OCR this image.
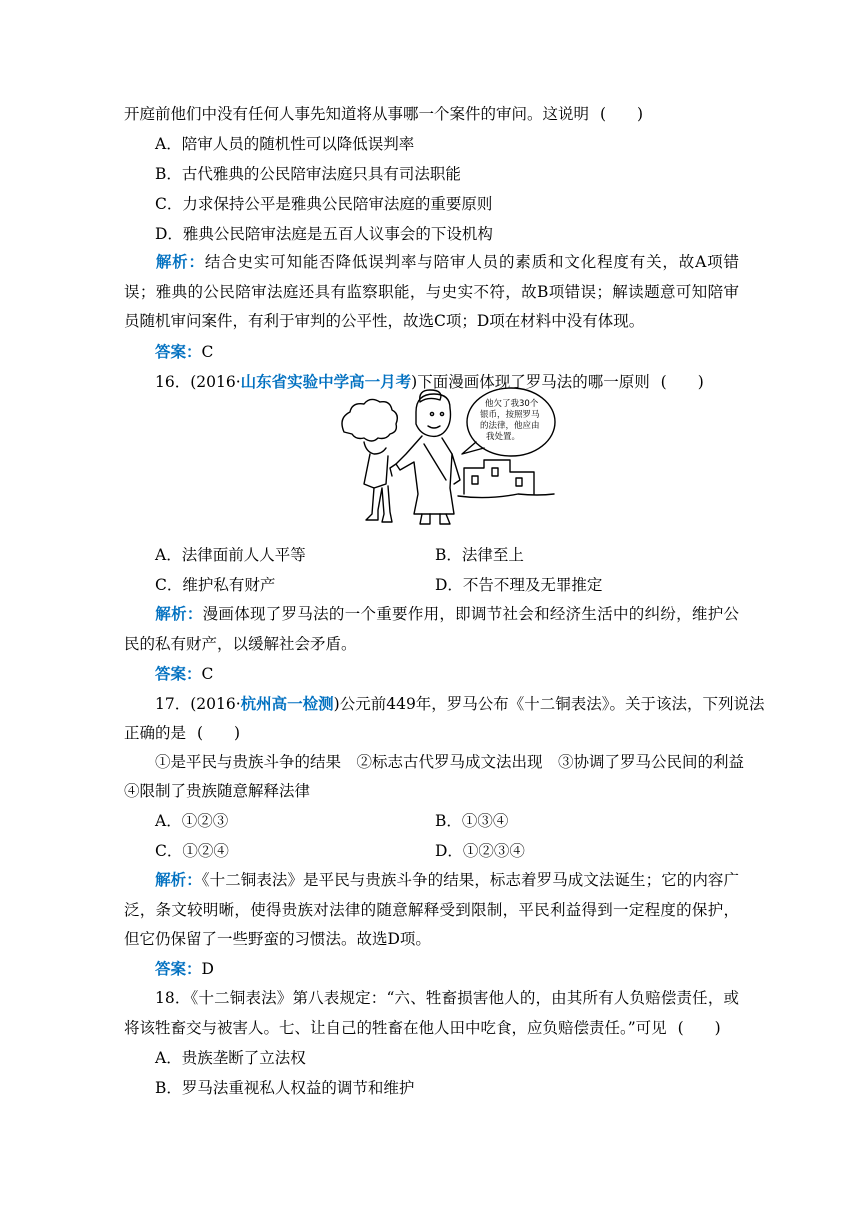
开庭前他们中没有任何人事先知道将从事哪一个案件的审问。这说明 (　　)
A．陪审人员的随机性可以降低误判率
B．古代雅典的公民陪审法庭只具有司法职能
C．力求保持公平是雅典公民陪审法庭的重要原则
D．雅典公民陪审法庭是五百人议事会的下设机构
解析：结合史实可知能否降低误判率与陪审人员的素质和文化程度有关，故A项错误；雅典的公民陪审法庭还具有监察职能，与史实不符，故B项错误；解读题意可知陪审员随机审问案件，有利于审判的公平性，故选C项；D项在材料中没有体现。
答案：C
16．(2016·山东省实验中学高一月考)下面漫画体现了罗马法的哪一原则 (　　)
他欠了我30个
银币，按照罗马
的法律，他应由
我处置。
A．法律面前人人平等	B．法律至上
C．维护私有财产	D．不告不理及无罪推定
解析：漫画体现了罗马法的一个重要作用，即调节社会和经济生活中的纠纷，维护公民的私有财产，以缓解社会矛盾。
答案：C
17．(2016·杭州高一检测)公元前449年，罗马公布《十二铜表法》。关于该法，下列说法
正确的是 (　　)
①是平民与贵族斗争的结果　②标志古代罗马成文法出现　③协调了罗马公民间的利益
④限制了贵族随意解释法律
A．①②③	B．①③④
C．①②④	D．①②③④
解析：《十二铜表法》是平民与贵族斗争的结果，标志着罗马成文法诞生；它的内容广泛，条文较明晰，使得贵族对法律的随意解释受到限制，平民利益得到一定程度的保护，但它仍保留了一些野蛮的习惯法。故选D项。
答案：D
18．《十二铜表法》第八表规定：“六、牲畜损害他人的，由其所有人负赔偿责任，或将该牲畜交与被害人。七、让自己的牲畜在他人田中吃食，应负赔偿责任。”可见 (　　)
A．贵族垄断了立法权
B．罗马法重视私人权益的调节和维护
